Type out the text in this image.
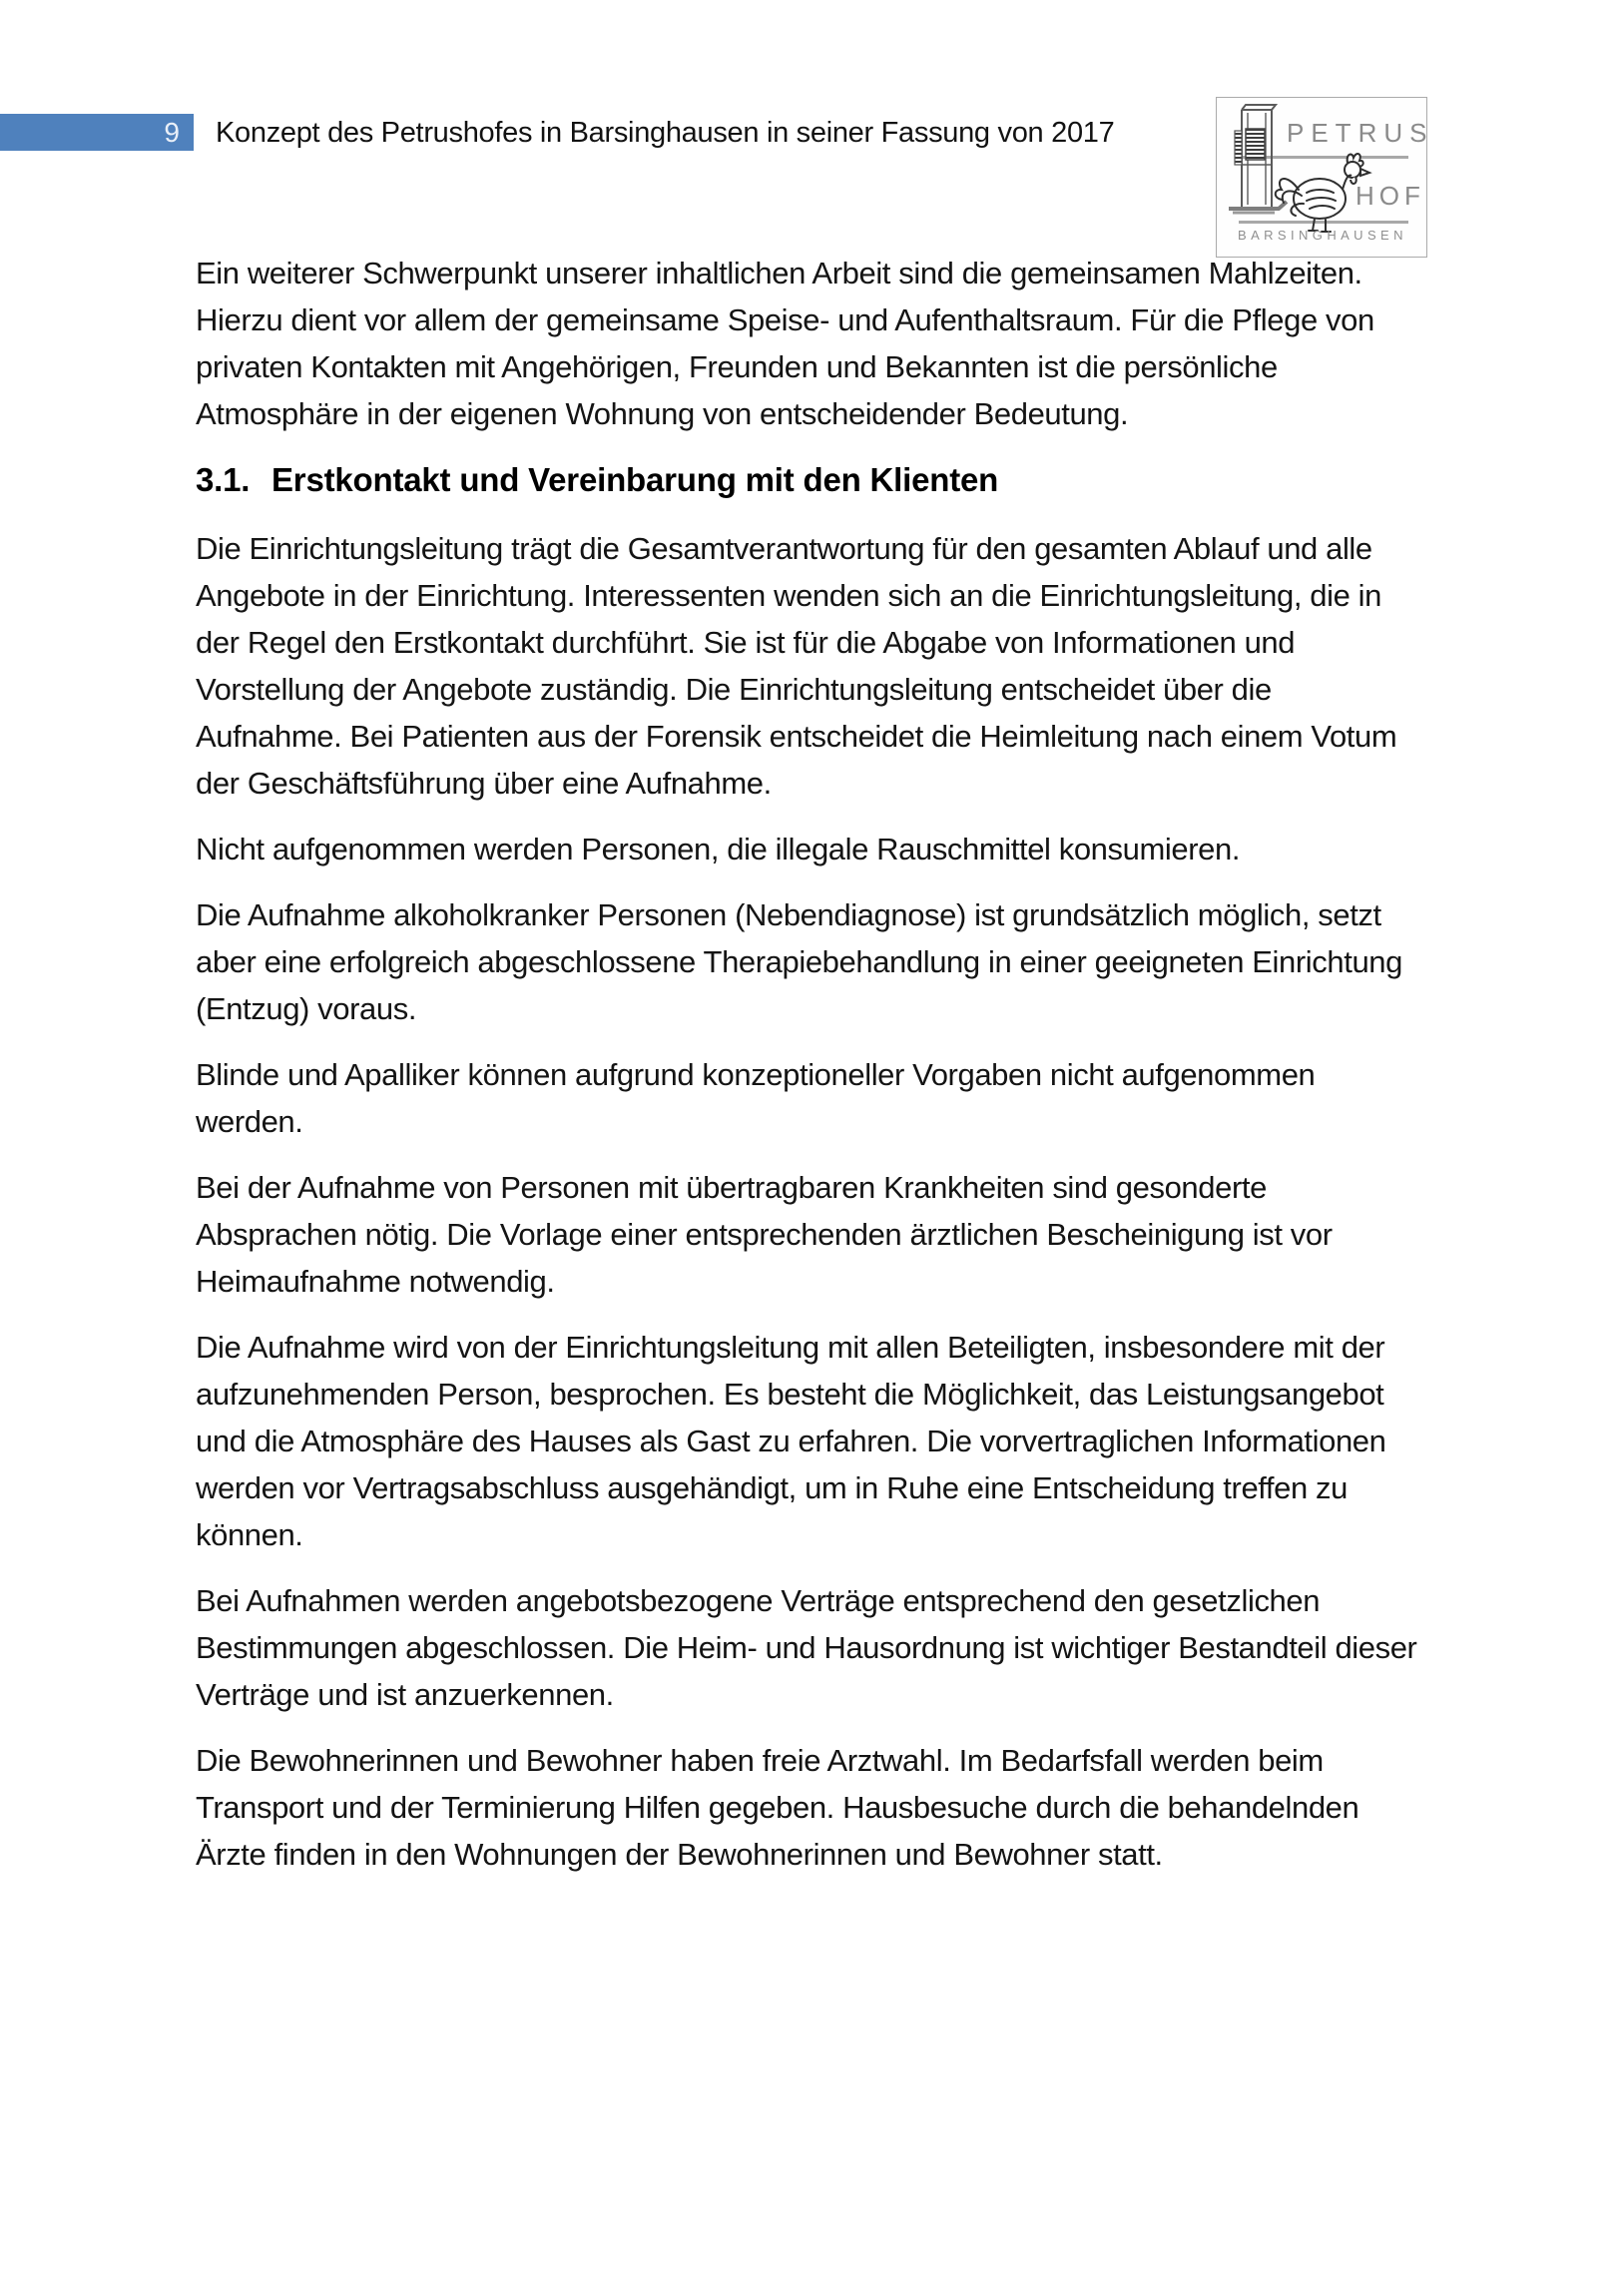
9 Konzept des Petrushofes in Barsinghausen in seiner Fassung von 2017	PETRUS
HOF
BARSINGHAUSEN

Ein weiterer Schwerpunkt unserer inhaltlichen Arbeit sind die gemeinsamen Mahlzeiten. Hierzu dient vor allem der gemeinsame Speise- und Aufenthaltsraum. Für die Pflege von privaten Kontakten mit Angehörigen, Freunden und Bekannten ist die persönliche Atmosphäre in der eigenen Wohnung von entscheidender Bedeutung.

3.1. Erstkontakt und Vereinbarung mit den Klienten

Die Einrichtungsleitung trägt die Gesamtverantwortung für den gesamten Ablauf und alle Angebote in der Einrichtung. Interessenten wenden sich an die Einrichtungsleitung, die in der Regel den Erstkontakt durchführt. Sie ist für die Abgabe von Informationen und Vorstellung der Angebote zuständig. Die Einrichtungsleitung entscheidet über die Aufnahme. Bei Patienten aus der Forensik entscheidet die Heimleitung nach einem Votum der Geschäftsführung über eine Aufnahme.

Nicht aufgenommen werden Personen, die illegale Rauschmittel konsumieren.

Die Aufnahme alkoholkranker Personen (Nebendiagnose) ist grundsätzlich möglich, setzt aber eine erfolgreich abgeschlossene Therapiebehandlung in einer geeigneten Einrichtung (Entzug) voraus.

Blinde und Apalliker können aufgrund konzeptioneller Vorgaben nicht aufgenommen werden.

Bei der Aufnahme von Personen mit übertragbaren Krankheiten sind gesonderte Absprachen nötig. Die Vorlage einer entsprechenden ärztlichen Bescheinigung ist vor Heimaufnahme notwendig.

Die Aufnahme wird von der Einrichtungsleitung mit allen Beteiligten, insbesondere mit der aufzunehmenden Person, besprochen. Es besteht die Möglichkeit, das Leistungsangebot und die Atmosphäre des Hauses als Gast zu erfahren. Die vorvertraglichen Informationen werden vor Vertragsabschluss ausgehändigt, um in Ruhe eine Entscheidung treffen zu können.

Bei Aufnahmen werden angebotsbezogene Verträge entsprechend den gesetzlichen Bestimmungen abgeschlossen. Die Heim- und Hausordnung ist wichtiger Bestandteil dieser Verträge und ist anzuerkennen.

Die Bewohnerinnen und Bewohner haben freie Arztwahl. Im Bedarfsfall werden beim Transport und der Terminierung Hilfen gegeben. Hausbesuche durch die behandelnden Ärzte finden in den Wohnungen der Bewohnerinnen und Bewohner statt.
